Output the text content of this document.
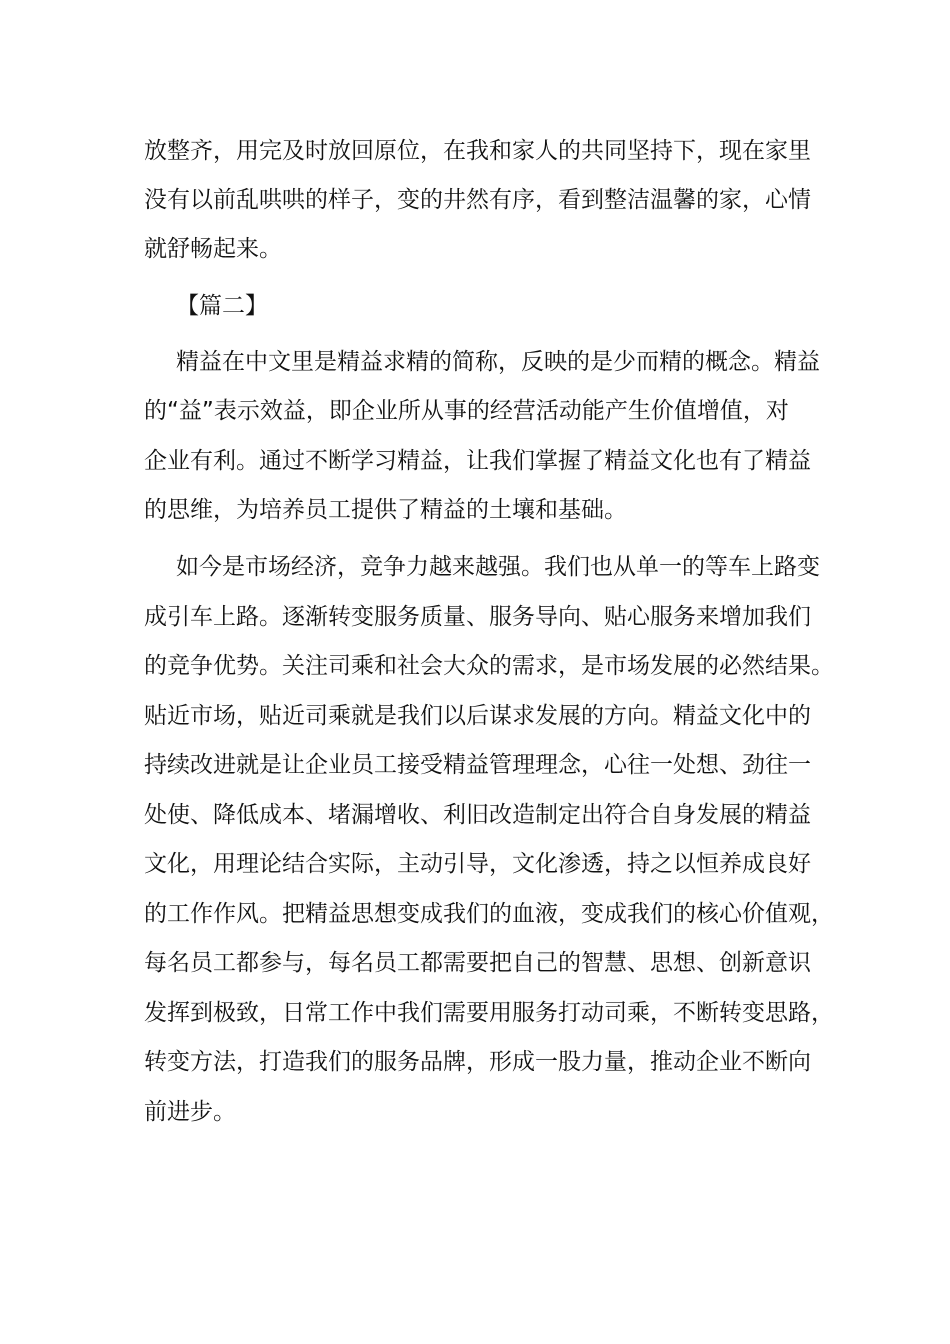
放整齐，用完及时放回原位，在我和家人的共同坚持下，现在家里
没有以前乱哄哄的样子，变的井然有序，看到整洁温馨的家，心情
就舒畅起来。
【篇二】
精益在中文里是精益求精的简称，反映的是少而精的概念。精益
的“益”表示效益，即企业所从事的经营活动能产生价值增值，对
企业有利。通过不断学习精益，让我们掌握了精益文化也有了精益
的思维，为培养员工提供了精益的土壤和基础。
如今是市场经济，竞争力越来越强。我们也从单一的等车上路变
成引车上路。逐渐转变服务质量、服务导向、贴心服务来增加我们
的竞争优势。关注司乘和社会大众的需求，是市场发展的必然结果。
贴近市场，贴近司乘就是我们以后谋求发展的方向。精益文化中的
持续改进就是让企业员工接受精益管理理念，心往一处想、劲往一
处使、降低成本、堵漏增收、利旧改造制定出符合自身发展的精益
文化，用理论结合实际，主动引导，文化渗透，持之以恒养成良好
的工作作风。把精益思想变成我们的血液，变成我们的核心价值观，
每名员工都参与，每名员工都需要把自己的智慧、思想、创新意识
发挥到极致，日常工作中我们需要用服务打动司乘，不断转变思路，
转变方法，打造我们的服务品牌，形成一股力量，推动企业不断向
前进步。
